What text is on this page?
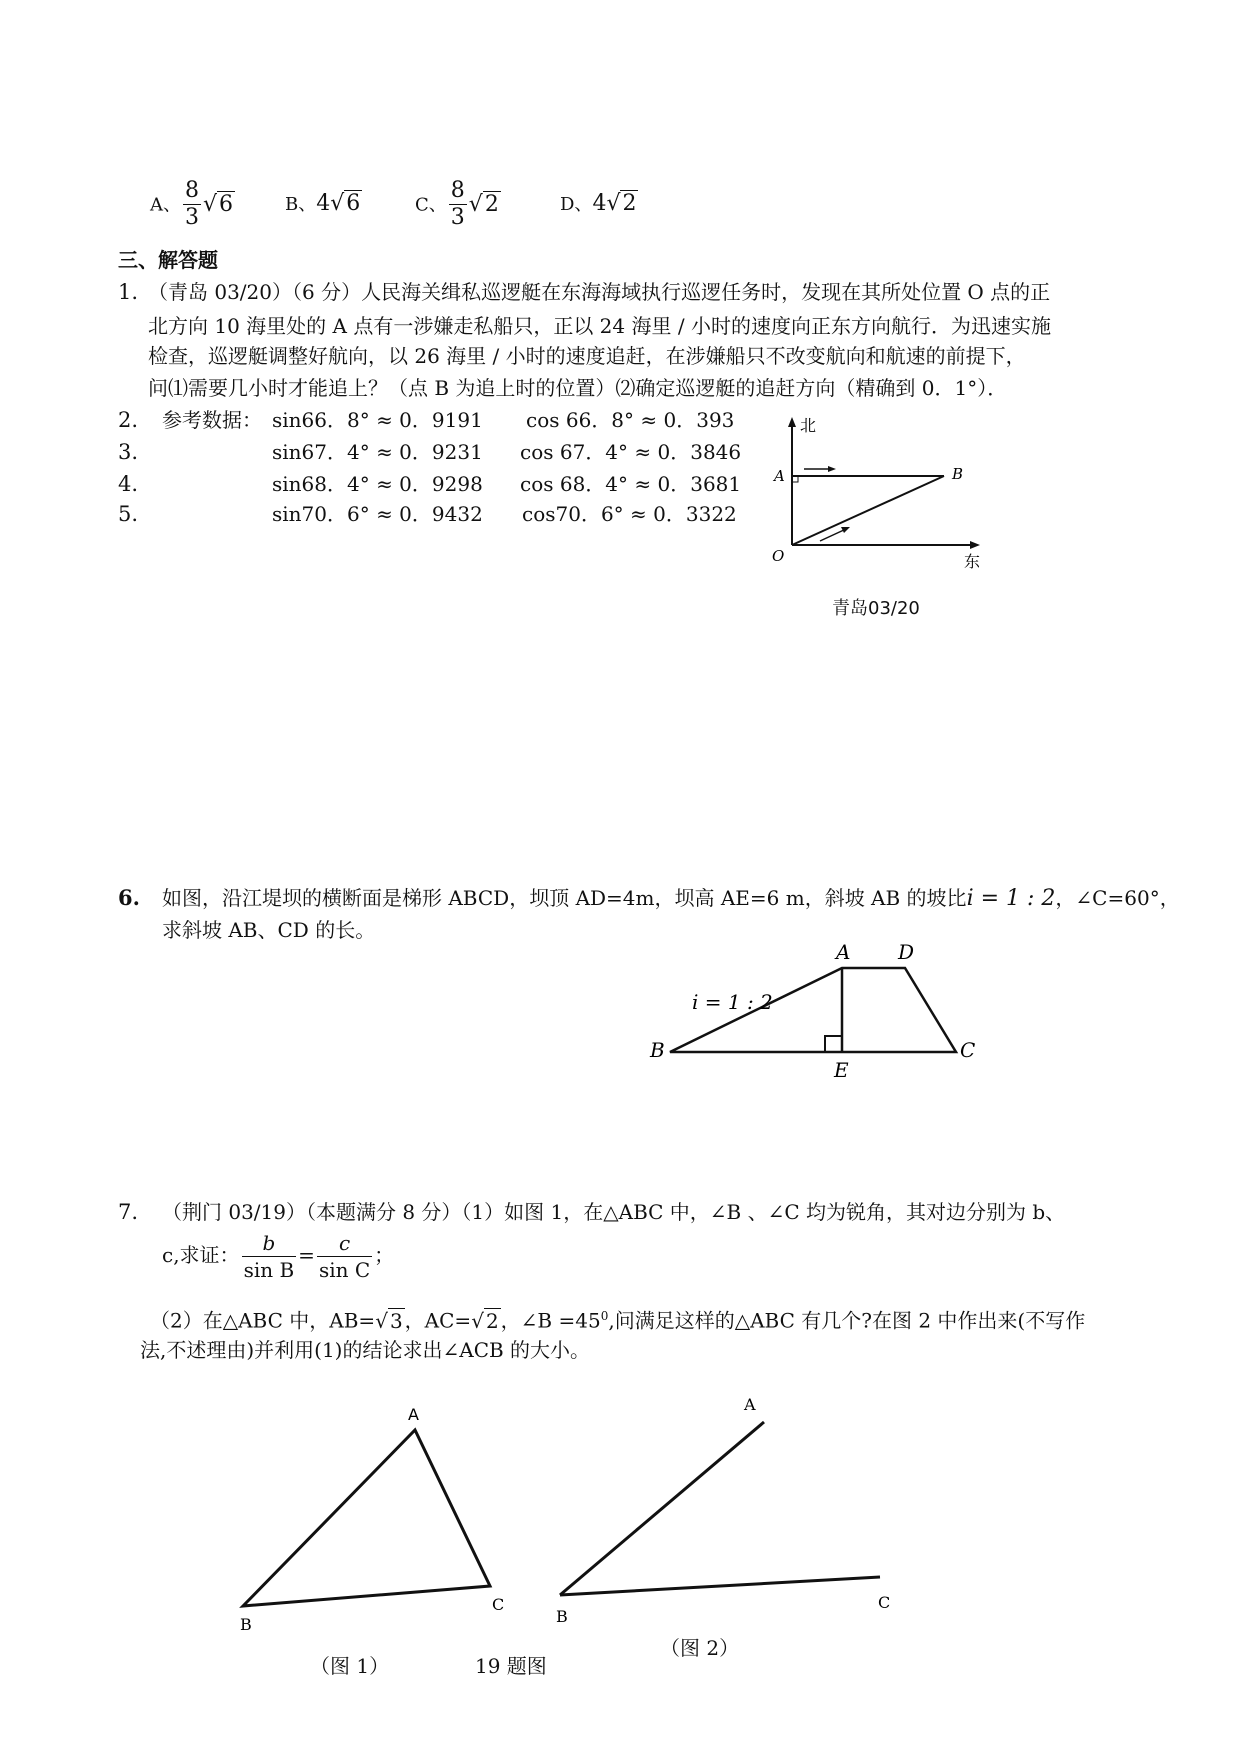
A、 $\frac{8}{3} √6$	B、4√6	C、 $\frac{8}{3} √2$	D、4√2
三、解答题
1. （青岛 03/20）（6 分）人民海关缉私巡逻艇在东海海域执行巡逻任务时，发现在其所处位置 O 点的正
北方向 10 海里处的 A 点有一涉嫌走私船只，正以 24 海里 / 小时的速度向正东方向航行．为迅速实施
检查，巡逻艇调整好航向，以 26 海里 / 小时的速度追赶，在涉嫌船只不改变航向和航速的前提下，
问⑴需要几小时才能追上？（点 B 为追上时的位置）⑵确定巡逻艇的追赶方向（精确到 0．1°）．
2. 参考数据： sin66．8° ≈ 0．9191 cos 66．8° ≈ 0．393
3.	sin67．4° ≈ 0．9231 cos 67．4° ≈ 0．3846
4.	sin68．4° ≈ 0．9298 cos 68．4° ≈ 0．3681
5.	sin70．6° ≈ 0．9432 cos70．6° ≈ 0．3322
北
东
A	B
O
青岛03/20
6. 如图，沿江堤坝的横断面是梯形 ABCD，坝顶 AD=4m，坝高 AE=6 m，斜坡 AB 的坡比i = 1 : 2，∠C=60°，
求斜坡 AB、CD 的长。
A D
B	C
E
i = 1 : 2
7. （荆门 03/19）（本题满分 8 分）（1）如图 1，在△ABC 中，∠B 、∠C 均为锐角，其对边分别为 b、
c,求证： $\frac{b}{\text{sin B}} = \frac{c}{\text{sin C}}$ ；
（2）在△ABC 中，AB=√ 3 ，AC=√ 2 ，∠B $=45^0$,问满足这样的△ABC 有几个?在图 2 中作出来(不写作
法,不述理由)并利用(1)的结论求出∠ACB 的大小。
A
B
C
A
B
C
（图 1）	19 题图
（图 2）
